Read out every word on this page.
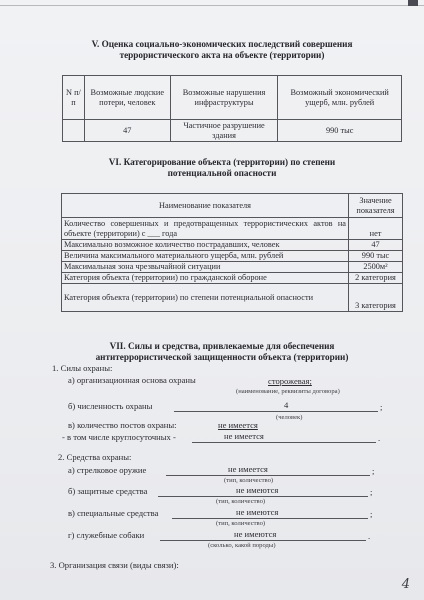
V. Оценка социально-экономических последствий совершения
террористического акта на объекте (территории)
N п/п	Возможные людские потери, человек	Возможные нарушения инфраструктуры	Возможный экономический ущерб, млн. рублей
	47	Частичное разрушение здания	990 тыс
VI. Категорирование объекта (территории) по степени
потенциальной опасности
Наименование показателя	Значение показателя
Количество совершенных и предотвращенных террористических актов на объекте (территории) с ___ года	нет
Максимально возможное количество пострадавших, человек	47
Величина максимального материального ущерба, млн. рублей	990 тыс
Максимальная зона чрезвычайной ситуации	2500м²
Категория объекта (территории) по гражданской обороне	2 категория
Категория объекта (территории) по степени потенциальной опасности	3 категория
VII. Силы и средства, привлекаемые для обеспечения
антитеррористической защищенности объекта (территории)
1. Силы охраны:
а) организационная основа охраны	сторожевая;
(наименование, реквизиты договора)
б) численность охраны	4	;
(человек)
в) количество постов охраны:	не имеется
- в том числе круглосуточных -	не имеется	.
2. Средства охраны:
а) стрелковое оружие	не имеется	;
(тип, количество)
б) защитные средства	не имеются	;
(тип, количество)
в) специальные средства	не имеются	;
(тип, количество)
г) служебные собаки	не имеются	.
(сколько, какой породы)
3. Организация связи (виды связи):
4
